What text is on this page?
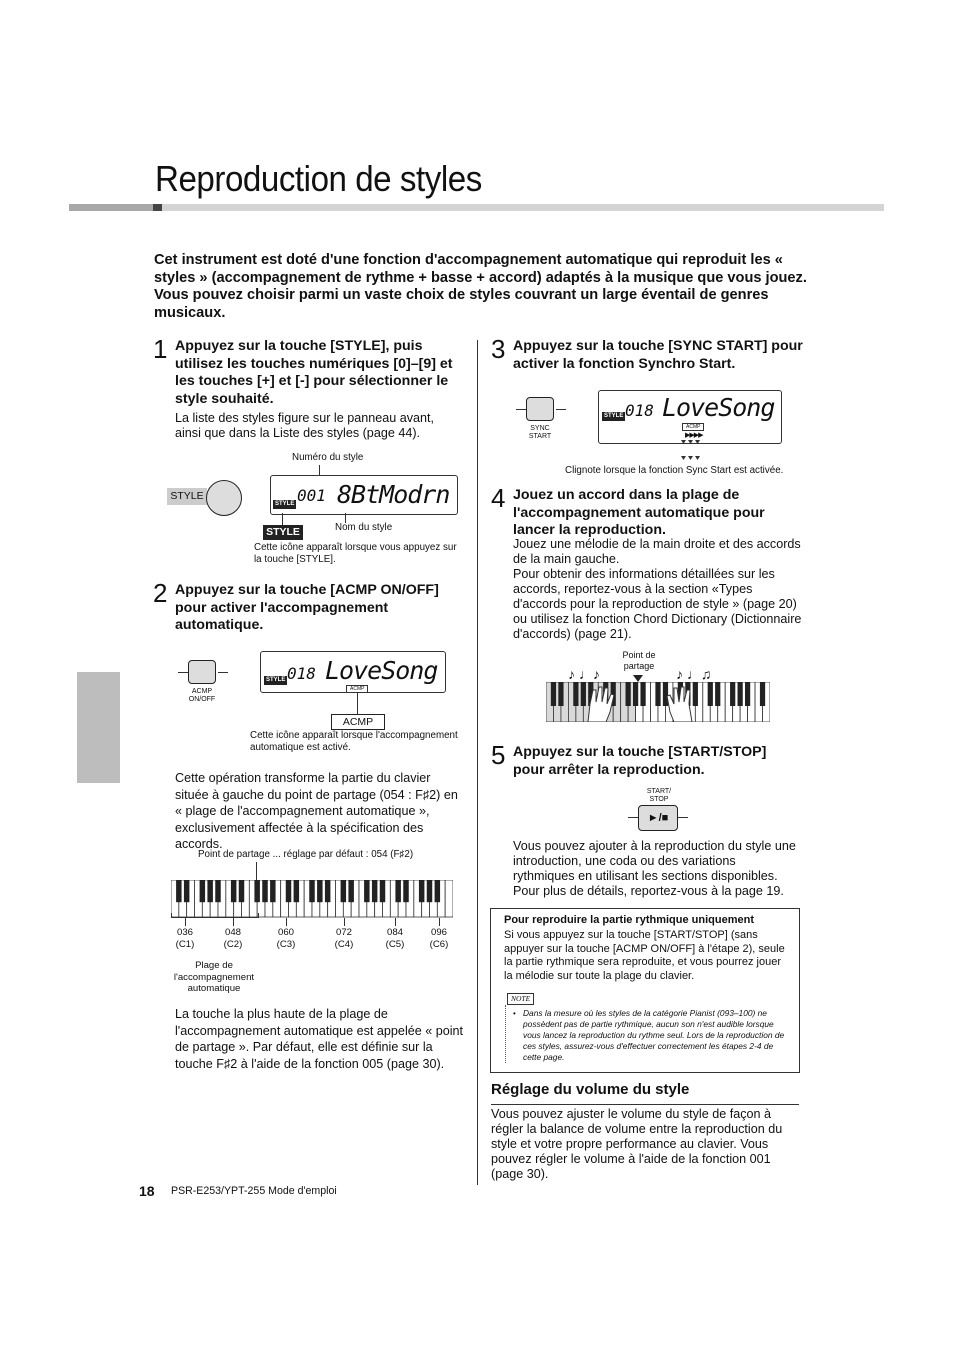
Reproduction de styles
Cet instrument est doté d'une fonction d'accompagnement automatique qui reproduit les « styles » (accompagnement de rythme + basse + accord) adaptés à la musique que vous jouez. Vous pouvez choisir parmi un vaste choix de styles couvrant un large éventail de genres musicaux.
1 Appuyez sur la touche [STYLE], puis utilisez les touches numériques [0]–[9] et les touches [+] et [-] pour sélectionner le style souhaité.
La liste des styles figure sur le panneau avant, ainsi que dans la Liste des styles (page 44).
Numéro du style
STYLE
STYLE 001 8BtModrn
STYLE	Nom du style
Cette icône apparaît lorsque vous appuyez sur la touche [STYLE].
2 Appuyez sur la touche [ACMP ON/OFF] pour activer l'accompagnement automatique.
ACMP ON/OFF
STYLE 018 LoveSong
ACMP
ACMP
Cette icône apparaît lorsque l'accompagnement automatique est activé.
Cette opération transforme la partie du clavier située à gauche du point de partage (054 : F♯2) en « plage de l'accompagnement automatique », exclusivement affectée à la spécification des accords.
Point de partage ... réglage par défaut : 054 (F♯2)
036
(C1)
048
(C2)
060
(C3)
072
(C4)
084
(C5)
096
(C6)
Plage de l'accompagnement automatique
La touche la plus haute de la plage de l'accompagnement automatique est appelée « point de partage ». Par défaut, elle est définie sur la touche F♯2 à l'aide de la fonction 005 (page 30).
3 Appuyez sur la touche [SYNC START] pour activer la fonction Synchro Start.
SYNC START
STYLE 018 LoveSong
ACMP
▶▶▶▶
Clignote lorsque la fonction Sync Start est activée.
4 Jouez un accord dans la plage de l'accompagnement automatique pour lancer la reproduction.
Jouez une mélodie de la main droite et des accords de la main gauche.
Pour obtenir des informations détaillées sur les accords, reportez-vous à la section «Types d'accords pour la reproduction de style » (page 20) ou utilisez la fonction Chord Dictionary (Dictionnaire d'accords) (page 21).
Point de partage
♪ ♩♪	♪ ♩♫
5 Appuyez sur la touche [START/STOP] pour arrêter la reproduction.
START/ STOP
►/■
Vous pouvez ajouter à la reproduction du style une introduction, une coda ou des variations rythmiques en utilisant les sections disponibles. Pour plus de détails, reportez-vous à la page 19.
Pour reproduire la partie rythmique uniquement
Si vous appuyez sur la touche [START/STOP] (sans appuyer sur la touche [ACMP ON/OFF] à l'étape 2), seule la partie rythmique sera reproduite, et vous pourrez jouer la mélodie sur toute la plage du clavier.
NOTE
• Dans la mesure où les styles de la catégorie Pianist (093–100) ne possèdent pas de partie rythmique, aucun son n'est audible lorsque vous lancez la reproduction du rythme seul. Lors de la reproduction de ces styles, assurez-vous d'effectuer correctement les étapes 2-4 de cette page.
Réglage du volume du style
Vous pouvez ajuster le volume du style de façon à régler la balance de volume entre la reproduction du style et votre propre performance au clavier. Vous pouvez régler le volume à l'aide de la fonction 001 (page 30).
18 PSR-E253/YPT-255 Mode d'emploi
